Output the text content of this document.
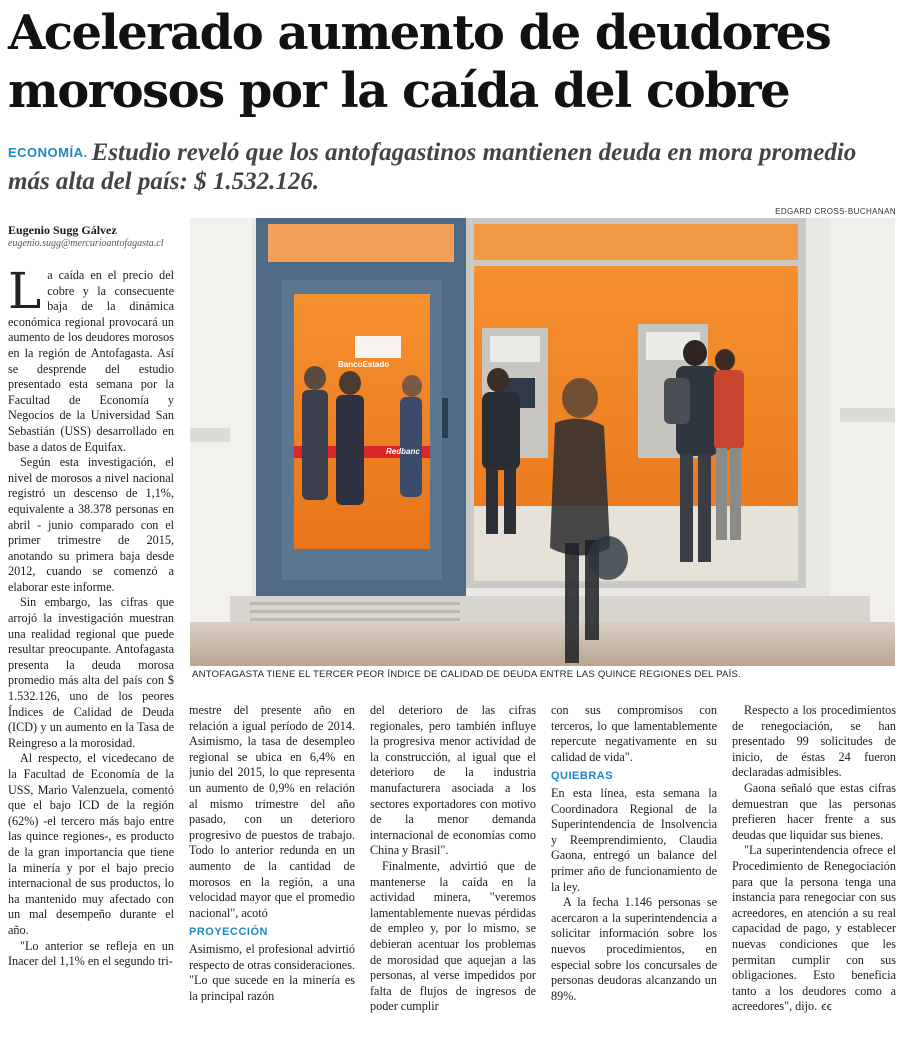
Acelerado aumento de deudores morosos por la caída del cobre
ECONOMÍA. Estudio reveló que los antofagastinos mantienen deuda en mora promedio más alta del país: $ 1.532.126.
Eugenio Sugg Gálvez
eugenio.sugg@mercurioantofagasta.cl
EDGARD CROSS-BUCHANAN
BancoEstado
Redbanc
ANTOFAGASTA TIENE EL TERCER PEOR ÍNDICE DE CALIDAD DE DEUDA ENTRE LAS QUINCE REGIONES DEL PAÍS.

La caída en el precio del cobre y la consecuente baja de la dinámica económica regional provocará un aumento de los deudores morosos en la región de Antofagasta. Así se desprende del estudio presentado esta semana por la Facultad de Economía y Negocios de la Universidad San Sebastián (USS) desarrollado en base a datos de Equifax.

Según esta investigación, el nivel de morosos a nivel nacional registró un descenso de 1,1%, equivalente a 38.378 personas en abril - junio comparado con el primer trimestre de 2015, anotando su primera baja desde 2012, cuando se comenzó a elaborar este informe.

Sin embargo, las cifras que arrojó la investigación muestran una realidad regional que puede resultar preocupante. Antofagasta presenta la deuda morosa promedio más alta del país con $ 1.532.126, uno de los peores Índices de Calidad de Deuda (ICD) y un aumento en la Tasa de Reingreso a la morosidad.

Al respecto, el vicedecano de la Facultad de Economía de la USS, Mario Valenzuela, comentó que el bajo ICD de la región (62%) -el tercero más bajo entre las quince regiones-, es producto de la gran importancia que tiene la minería y por el bajo precio internacional de sus productos, lo ha mantenido muy afectado con un mal desempeño durante el año.

"Lo anterior se refleja en un Inacer del 1,1% en el segundo tri-

mestre del presente año en relación a igual período de 2014. Asimismo, la tasa de desempleo regional se ubica en 6,4% en junio del 2015, lo que representa un aumento de 0,9% en relación al mismo trimestre del año pasado, con un deterioro progresivo de puestos de trabajo. Todo lo anterior redunda en un aumento de la cantidad de morosos en la región, a una velocidad mayor que el promedio nacional", acotó

PROYECCIÓN

Asimismo, el profesional advirtió respecto de otras consideraciones. "Lo que sucede en la minería es la principal razón

del deterioro de las cifras regionales, pero también influye la progresiva menor actividad de la construcción, al igual que el deterioro de la industria manufacturera asociada a los sectores exportadores con motivo de la menor demanda internacional de economías como China y Brasil".

Finalmente, advirtió que de mantenerse la caída en la actividad minera, "veremos lamentablemente nuevas pérdidas de empleo y, por lo mismo, se debieran acentuar los problemas de morosidad que aquejan a las personas, al verse impedidos por falta de flujos de ingresos de poder cumplir

con sus compromisos con terceros, lo que lamentablemente repercute negativamente en su calidad de vida".

QUIEBRAS

En esta línea, esta semana la Coordinadora Regional de la Superintendencia de Insolvencia y Reemprendimiento, Claudia Gaona, entregó un balance del primer año de funcionamiento de la ley.

A la fecha 1.146 personas se acercaron a la superintendencia a solicitar información sobre los nuevos procedimientos, en especial sobre los concursales de personas deudoras alcanzando un 89%.

Respecto a los procedimientos de renegociación, se han presentado 99 solicitudes de inicio, de éstas 24 fueron declaradas admisibles.

Gaona señaló que estas cifras demuestran que las personas prefieren hacer frente a sus deudas que liquidar sus bienes.

"La superintendencia ofrece el Procedimiento de Renegociación para que la persona tenga una instancia para renegociar con sus acreedores, en atención a su real capacidad de pago, y establecer nuevas condiciones que les permitan cumplir con sus obligaciones. Esto beneficia tanto a los deudores como a acreedores", dijo. ꞓꞓ
